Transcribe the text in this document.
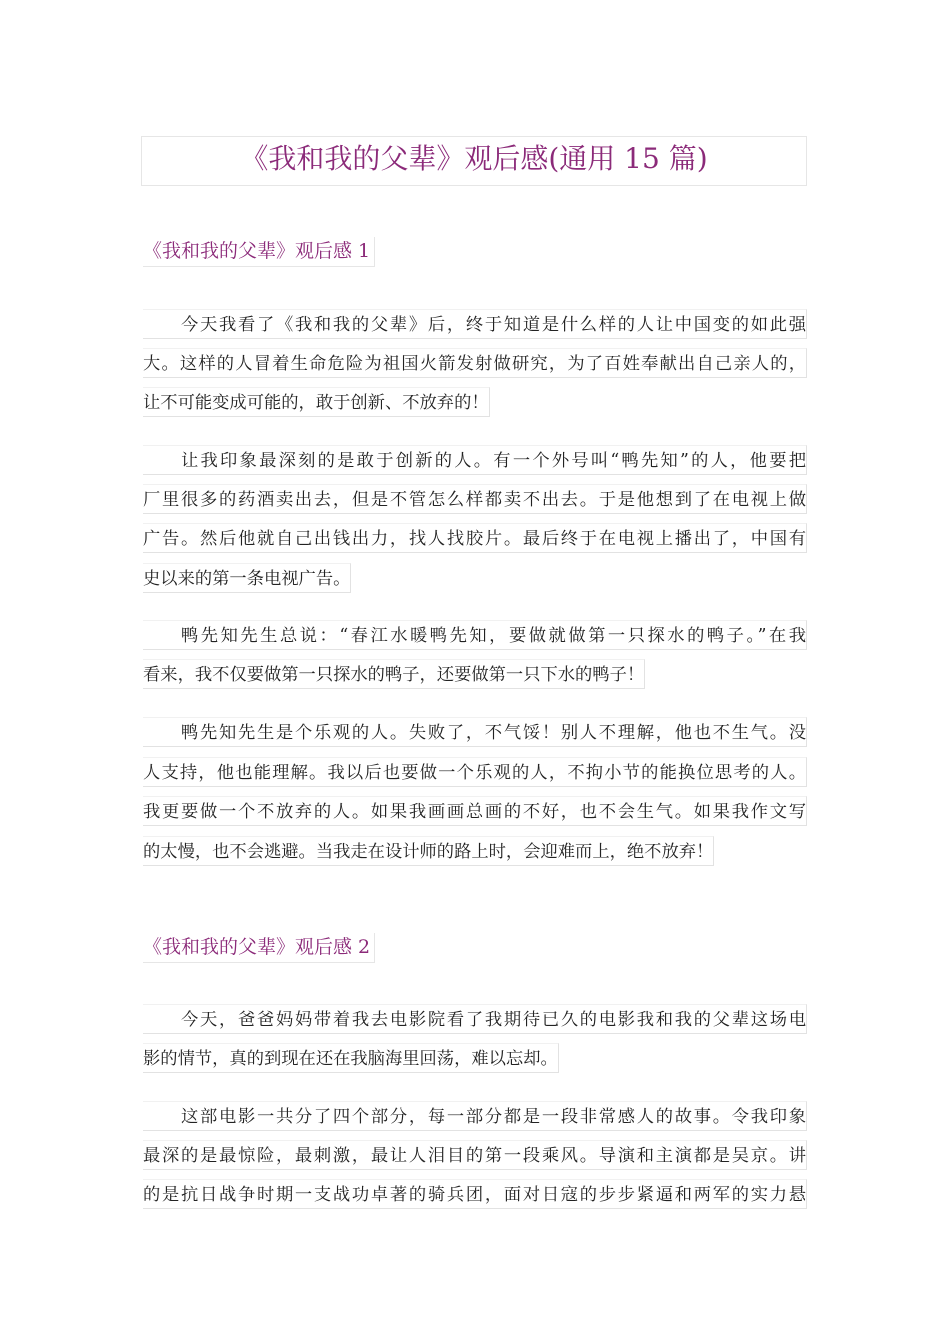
《我和我的父辈》观后感(通用 15 篇)
《我和我的父辈》观后感 1
今天我看了《我和我的父辈》后，终于知道是什么样的人让中国变的如此强
大。这样的人冒着生命危险为祖国火箭发射做研究，为了百姓奉献出自己亲人的，
让不可能变成可能的，敢于创新、不放弃的！
让我印象最深刻的是敢于创新的人。有一个外号叫“鸭先知”的人，他要把
厂里很多的药酒卖出去，但是不管怎么样都卖不出去。于是他想到了在电视上做
广告。然后他就自己出钱出力，找人找胶片。最后终于在电视上播出了，中国有
史以来的第一条电视广告。
鸭先知先生总说：“春江水暖鸭先知，要做就做第一只探水的鸭子。”在我
看来，我不仅要做第一只探水的鸭子，还要做第一只下水的鸭子！
鸭先知先生是个乐观的人。失败了，不气馁！别人不理解，他也不生气。没
人支持，他也能理解。我以后也要做一个乐观的人，不拘小节的能换位思考的人。
我更要做一个不放弃的人。如果我画画总画的不好，也不会生气。如果我作文写
的太慢，也不会逃避。当我走在设计师的路上时，会迎难而上，绝不放弃！
《我和我的父辈》观后感 2
今天，爸爸妈妈带着我去电影院看了我期待已久的电影我和我的父辈这场电
影的情节，真的到现在还在我脑海里回荡，难以忘却。
这部电影一共分了四个部分，每一部分都是一段非常感人的故事。令我印象
最深的是最惊险，最刺激，最让人泪目的第一段乘风。导演和主演都是吴京。讲
的是抗日战争时期一支战功卓著的骑兵团，面对日寇的步步紧逼和两军的实力悬
